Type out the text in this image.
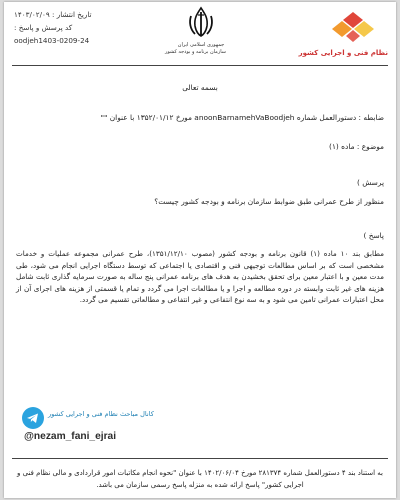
تاریخ انتشار : ۱۴۰۳/۰۲/۰۹
کد پرسش و پاسخ :
oodjeh1403-0209-24	جمهوری اسلامی ایران
سازمان برنامه و بودجه کشور	نظام فنی و اجرایی کشور
بسمه تعالی
ضابطه : دستورالعمل شماره anoonBarnamehVaBoodjeh مورخ ۱۳۵۲/۰۱/۱۲ با عنوان ""
موضوع : ماده (۱)
پرسش )
منظور از طرح عمرانی طبق ضوابط سازمان برنامه و بودجه کشور چیست؟
پاسخ )
مطابق بند ۱۰ ماده (۱) قانون برنامه و بودجه کشور (مصوب ۱۳۵۱/۱۲/۱۰)، طرح عمرانی مجموعه عملیات و خدمات مشخصی است که بر اساس مطالعات توجیهی فنی و اقتصادی یا اجتماعی که توسط دستگاه اجرایی انجام می شود، طی مدت معین و با اعتبار معین برای تحقق بخشیدن به هدف های برنامه عمرانی پنج ساله به صورت سرمایه گذاری ثابت شامل هزینه های غیر ثابت وابسته در دوره مطالعه و اجرا و یا مطالعات اجرا می گردد و تمام یا قسمتی از هزینه های اجرای آن از محل اعتبارات عمرانی تامین می شود و به سه نوع انتفاعی و غیر انتفاعی و مطالعاتی تقسیم می گردد.
کانال مباحث نظام فنی و اجرایی کشور
@nezam_fani_ejrai
به استناد بند ۴ دستورالعمل شماره ۲۸۱۳۷۴ مورخ ۱۴۰۲/۰۶/۰۴ با عنوان "نحوه انجام مکاتبات امور قراردادی و مالی نظام فنی و اجرایی کشور" پاسخ ارائه شده به منزله پاسخ رسمی سازمان می باشد.
